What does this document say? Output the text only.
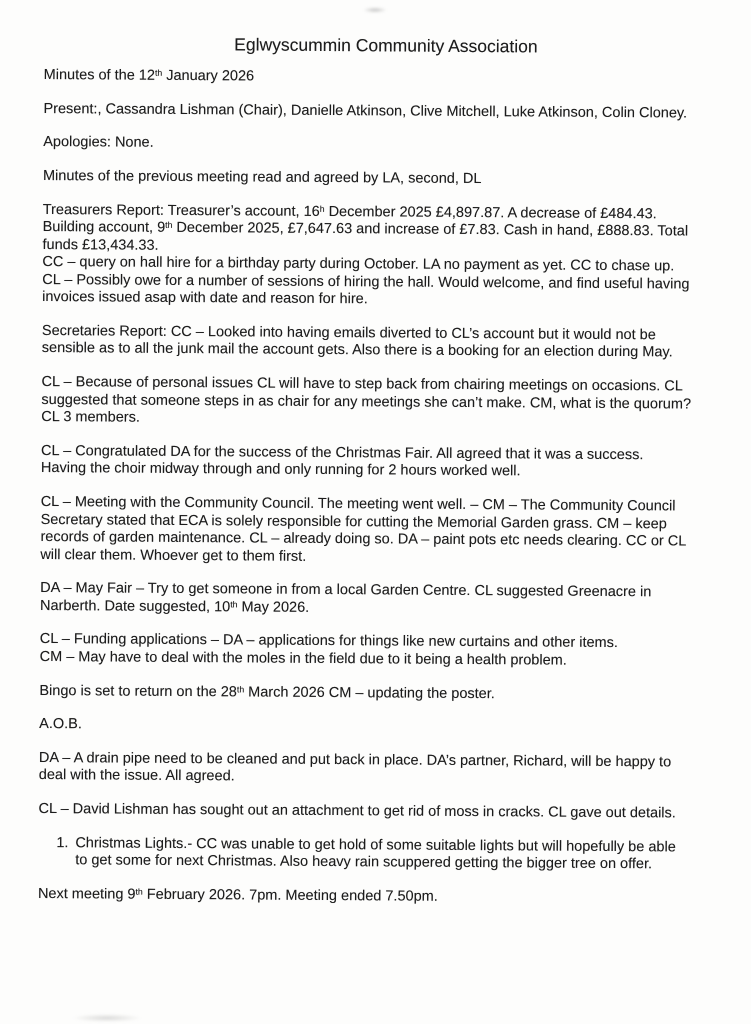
Eglwyscummin Community Association

Minutes of the 12th January 2026

Present:, Cassandra Lishman (Chair), Danielle Atkinson, Clive Mitchell, Luke Atkinson, Colin Cloney.

Apologies: None.

Minutes of the previous meeting read and agreed by LA, second, DL

Treasurers Report: Treasurer’s account, 16$^h$ December 2025 £4,897.87. A decrease of £484.43.
Building account, 9th December 2025, £7,647.63 and increase of £7.83. Cash in hand, £888.83. Total
funds £13,434.33.
CC – query on hall hire for a birthday party during October. LA no payment as yet. CC to chase up.
CL – Possibly owe for a number of sessions of hiring the hall. Would welcome, and find useful having
invoices issued asap with date and reason for hire.

Secretaries Report: CC – Looked into having emails diverted to CL’s account but it would not be
sensible as to all the junk mail the account gets. Also there is a booking for an election during May.

CL – Because of personal issues CL will have to step back from chairing meetings on occasions. CL
suggested that someone steps in as chair for any meetings she can’t make. CM, what is the quorum?
CL 3 members.

CL – Congratulated DA for the success of the Christmas Fair. All agreed that it was a success.
Having the choir midway through and only running for 2 hours worked well.

CL – Meeting with the Community Council. The meeting went well. – CM – The Community Council
Secretary stated that ECA is solely responsible for cutting the Memorial Garden grass. CM – keep
records of garden maintenance. CL – already doing so. DA – paint pots etc needs clearing. CC or CL
will clear them. Whoever get to them first.

DA – May Fair – Try to get someone in from a local Garden Centre. CL suggested Greenacre in
Narberth. Date suggested, 10th May 2026.

CL – Funding applications – DA – applications for things like new curtains and other items.
CM – May have to deal with the moles in the field due to it being a health problem.

Bingo is set to return on the 28th March 2026 CM – updating the poster.

A.O.B.

DA – A drain pipe need to be cleaned and put back in place. DA’s partner, Richard, will be happy to
deal with the issue. All agreed.

CL – David Lishman has sought out an attachment to get rid of moss in cracks. CL gave out details.

1. Christmas Lights.- CC was unable to get hold of some suitable lights but will hopefully be able
to get some for next Christmas. Also heavy rain scuppered getting the bigger tree on offer.

Next meeting 9th February 2026. 7pm. Meeting ended 7.50pm.
